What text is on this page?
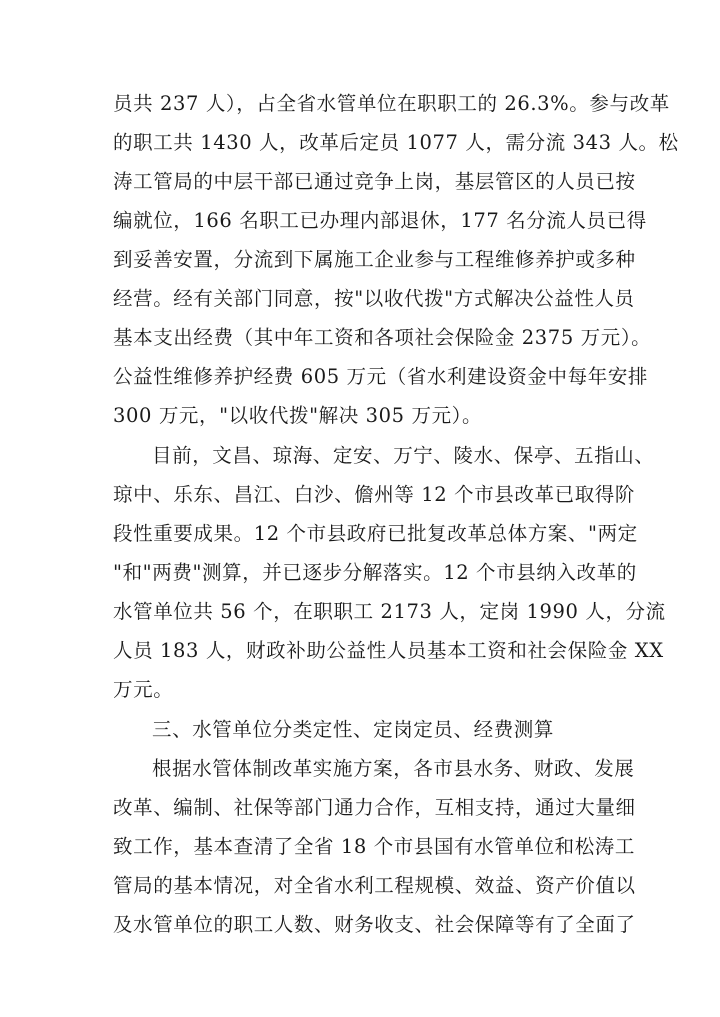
员共 237 人），占全省水管单位在职职工的 26.3%。参与改革
的职工共 1430 人，改革后定员 1077 人，需分流 343 人。松
涛工管局的中层干部已通过竞争上岗，基层管区的人员已按
编就位，166 名职工已办理内部退休，177 名分流人员已得
到妥善安置，分流到下属施工企业参与工程维修养护或多种
经营。经有关部门同意，按"以收代拨"方式解决公益性人员
基本支出经费（其中年工资和各项社会保险金 2375 万元）。
公益性维修养护经费 605 万元（省水利建设资金中每年安排
300 万元，"以收代拨"解决 305 万元）。
目前，文昌、琼海、定安、万宁、陵水、保亭、五指山、
琼中、乐东、昌江、白沙、儋州等 12 个市县改革已取得阶
段性重要成果。12 个市县政府已批复改革总体方案、"两定
"和"两费"测算，并已逐步分解落实。12 个市县纳入改革的
水管单位共 56 个，在职职工 2173 人，定岗 1990 人，分流
人员 183 人，财政补助公益性人员基本工资和社会保险金 XX
万元。
三、水管单位分类定性、定岗定员、经费测算
根据水管体制改革实施方案，各市县水务、财政、发展
改革、编制、社保等部门通力合作，互相支持，通过大量细
致工作，基本查清了全省 18 个市县国有水管单位和松涛工
管局的基本情况，对全省水利工程规模、效益、资产价值以
及水管单位的职工人数、财务收支、社会保障等有了全面了
